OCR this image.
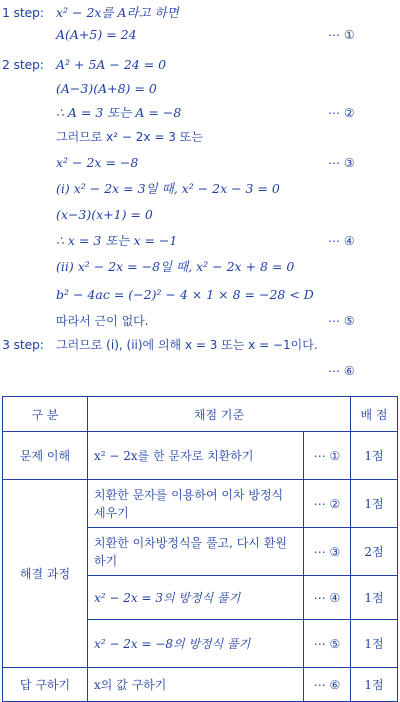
1 step: x² − 2x를 A라고 하면
A(A+5) = 24	⋯ ①
2 step: A² + 5A − 24 = 0
(A−3)(A+8) = 0
∴ A = 3 또는 A = −8	⋯ ②
그러므로 x² − 2x = 3 또는
x² − 2x = −8	⋯ ③
(ⅰ) x² − 2x = 3일 때, x² − 2x − 3 = 0
(x−3)(x+1) = 0
∴ x = 3 또는 x = −1	⋯ ④
(ⅱ) x² − 2x = −8일 때, x² − 2x + 8 = 0
b² − 4ac = (−2)² − 4 × 1 × 8 = −28 < D
따라서 근이 없다.	⋯ ⑤
3 step: 그러므로 (i), (ii)에 의해 x = 3 또는 x = −1이다.
⋯ ⑥
구 분	채점 기준		배 점
문제 이해	x² − 2x를 한 문자로 치환하기	⋯ ①	1점
해결 과정	치환한 문자를 이용하여 이차 방정식 세우기	⋯ ②	1점
	치환한 이차방정식을 풀고, 다시 환원하기	⋯ ③	2점
	x² − 2x = 3의 방정식 풀기	⋯ ④	1점
	x² − 2x = −8의 방정식 풀기	⋯ ⑤	1점
답 구하기	x의 값 구하기	⋯ ⑥	1점
